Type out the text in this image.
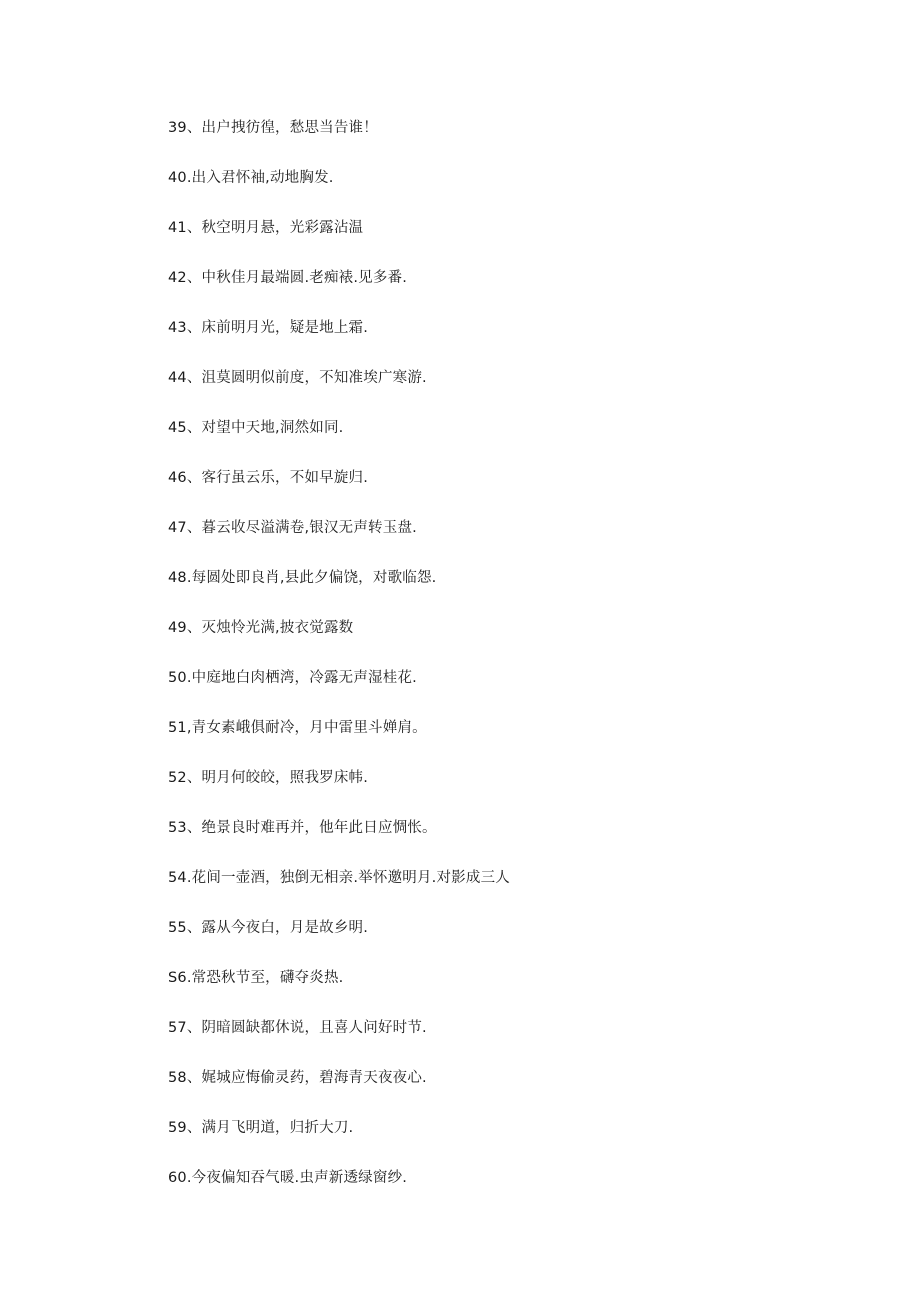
39、出户拽彷徨，愁思当告谁！
40.出入君怀袖,动地胸发.
41、秋空明月悬，光彩露沾温
42、中秋佳月最端圆.老痴裱.见多番.
43、床前明月光，疑是地上霜.
44、沮莫圆明似前度，不知准埃广寒游.
45、对望中天地,洞然如同.
46、客行虽云乐，不如早旋归.
47、暮云收尽溢满卷,银汉无声转玉盘.
48.每圆处即良肖,县此夕偏饶，对歌临怨.
49、灭烛怜光满,披衣觉露数
50.中庭地白肉栖湾，冷露无声湿桂花.
51,青女素峨俱耐冷，月中雷里斗婵肩。
52、明月何皎皎，照我罗床帏.
53、绝景良时难再并，他年此日应惆怅。
54.花间一壶酒，独倒无相亲.举怀邀明月.对影成三人
55、露从今夜白，月是故乡明.
S6.常恐秋节至，礴夺炎热.
57、阴暗圆缺都休说，且喜人问好时节.
58、娓城应悔偷灵药，碧海青天夜夜心.
59、满月飞明道，归折大刀.
60.今夜偏知吞气暖.虫声新透绿窗纱.
